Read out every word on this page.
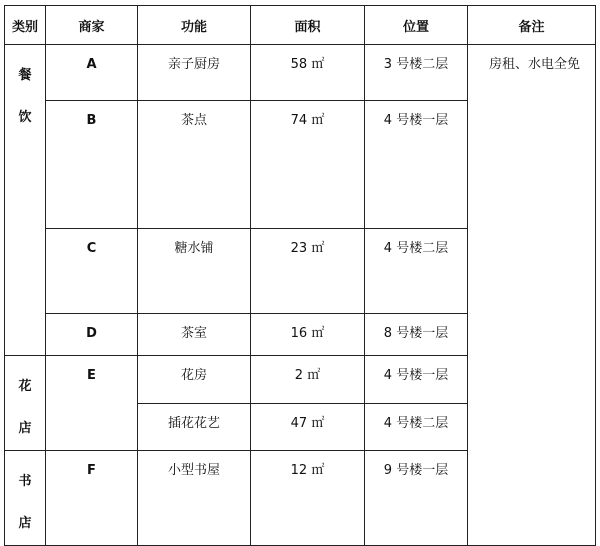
类别	商家	功能	面积	位置	备注

餐
饮	A	亲子厨房	58 ㎡	3 号楼二层	房租、水电全免

	B	茶点	74 ㎡	4 号楼一层	

	C	糖水铺	23 ㎡	4 号楼二层	

	D	茶室	16 ㎡	8 号楼一层	

花
店	E	花房	2 ㎡	4 号楼一层	

		插花花艺	47 ㎡	4 号楼二层	

书
店	F	小型书屋	12 ㎡	9 号楼一层	
